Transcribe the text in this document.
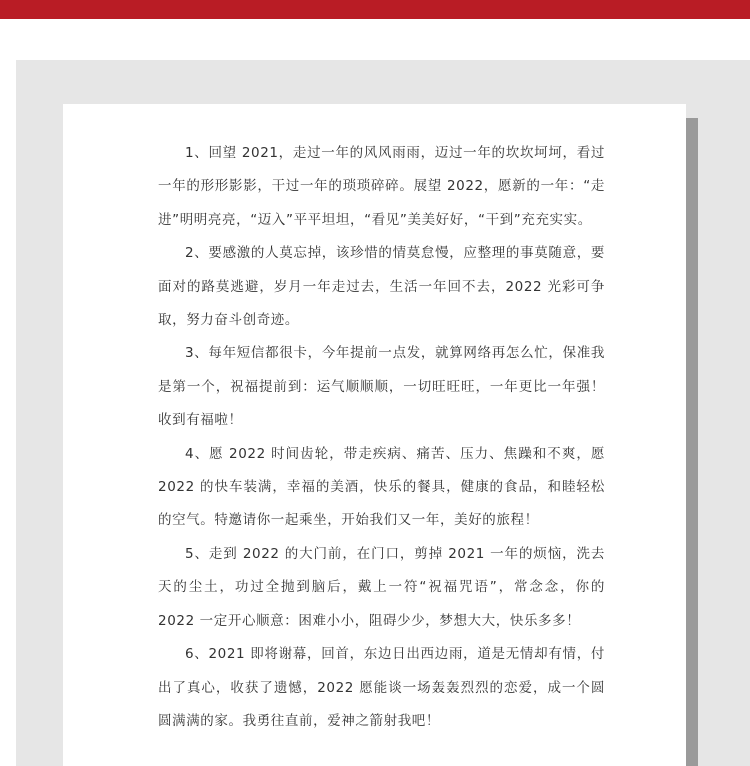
1、回望 2021，走过一年的风风雨雨，迈过一年的坎坎坷坷，看过一年的形形影影，干过一年的琐琐碎碎。展望 2022，愿新的一年：“走进”明明亮亮，“迈入”平平坦坦，“看见”美美好好，“干到”充充实实。

2、要感激的人莫忘掉，该珍惜的情莫怠慢，应整理的事莫随意，要面对的路莫逃避，岁月一年走过去，生活一年回不去，2022 光彩可争取，努力奋斗创奇迹。

3、每年短信都很卡，今年提前一点发，就算网络再怎么忙，保准我是第一个，祝福提前到：运气顺顺顺，一切旺旺旺，一年更比一年强！收到有福啦！

4、愿 2022 时间齿轮，带走疾病、痛苦、压力、焦躁和不爽，愿 2022 的快车装满，幸福的美酒，快乐的餐具，健康的食品，和睦轻松的空气。特邀请你一起乘坐，开始我们又一年，美好的旅程！

5、走到 2022 的大门前，在门口，剪掉 2021 一年的烦恼，洗去天的尘土，功过全抛到脑后，戴上一符“祝福咒语”，常念念，你的 2022 一定开心顺意：困难小小，阻碍少少，梦想大大，快乐多多！

6、2021 即将谢幕，回首，东边日出西边雨，道是无情却有情，付出了真心，收获了遗憾，2022 愿能谈一场轰轰烈烈的恋爱，成一个圆圆满满的家。我勇往直前，爱神之箭射我吧！
